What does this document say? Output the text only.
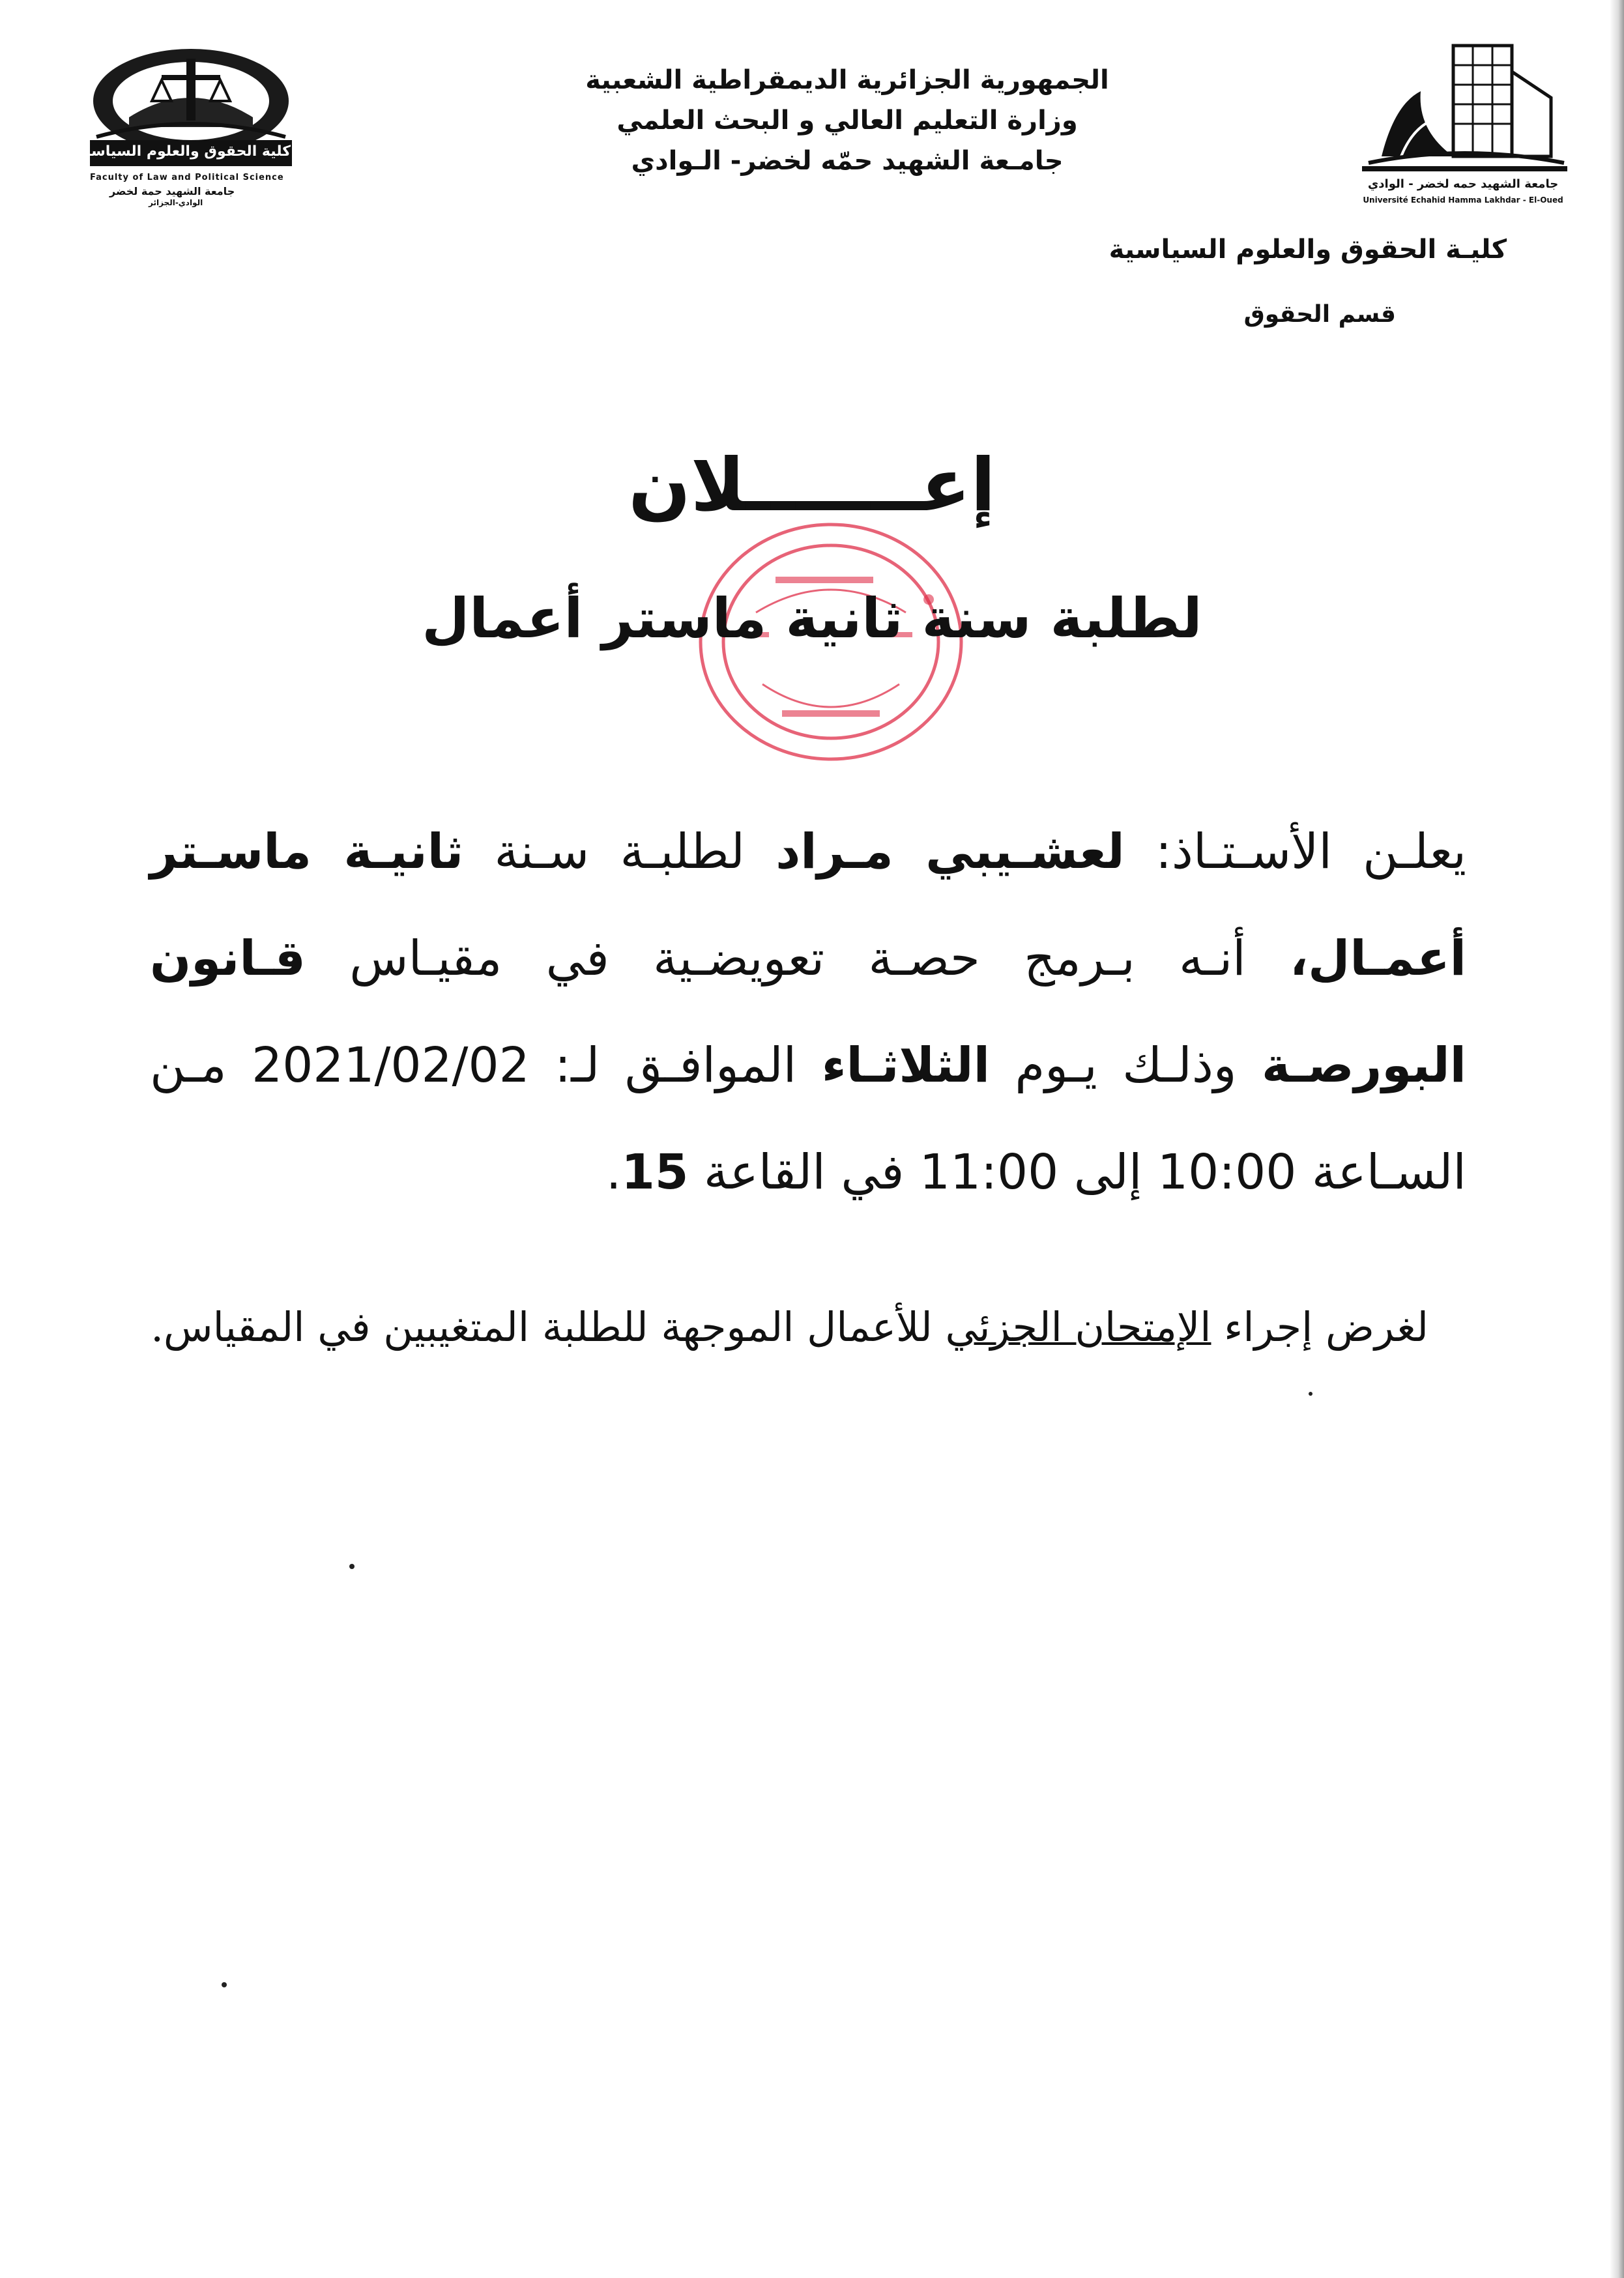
كلية الحقوق والعلوم السياسية
Faculty of Law and Political Science
جامعة الشهيد حمة لخضر
الوادي-الجزائر
الجمهورية الجزائرية الديمقراطية الشعبية
وزارة التعليم العالي و البحث العلمي
جامـعة الشهيد حمّه لخضر- الـوادي
جامعة الشهيد حمه لخضر - الوادي
Université Echahid Hamma Lakhdar - El-Oued
كليـة الحقوق والعلوم السياسية
قسم الحقوق
إعـــــــلان
لطلبة سنة ثانية ماستر أعمال
يعلـن الأسـتـاذ: لعشـيبي مـراد لطلبـة سـنة ثانيـة ماسـتر أعمـال، أنـه بـرمج حصـة تعويضـية في مقيـاس قـانون البورصـة وذلـك يـوم الثلاثـاء الموافـق لـ: 2021/02/02 مـن السـاعة 10:00 إلى 11:00 في القاعة 15.
لغرض إجراء الإمتحان الجزئي للأعمال الموجهة للطلبة المتغيبين في المقياس.
